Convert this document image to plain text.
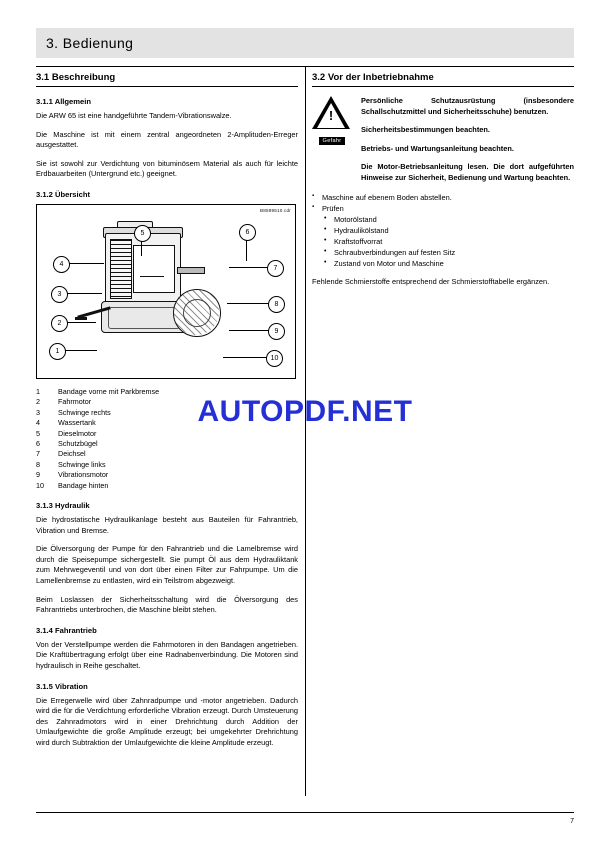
3. Bedienung
3.1 Beschreibung
3.1.1 Allgemein

Die ARW 65 ist eine handgeführte Tandem-Vibrationswalze.

Die Maschine ist mit einem zentral angeordneten 2-Amplituden-Erreger ausgestattet.

Sie ist sowohl zur Verdichtung von bituminösem Material als auch für leichte Erdbauarbeiten (Untergrund etc.) geeignet.

3.1.2 Übersicht
B8599510.cdr
1
2
3
4
5	6
7
8
9
10
1	Bandage vorne mit Parkbremse
2	Fahrmotor
3	Schwinge rechts
4	Wassertank
5	Dieselmotor
6	Schutzbügel
7	Deichsel
8	Schwinge links
9	Vibrationsmotor
10	Bandage hinten
3.1.3 Hydraulik

Die hydrostatische Hydraulikanlage besteht aus Bauteilen für Fahrantrieb, Vibration und Bremse.

Die Ölversorgung der Pumpe für den Fahrantrieb und die Lamelbremse wird durch die Speisepumpe sichergestellt. Sie pumpt Öl aus dem Hydrauliktank zum Mehrwegeventil und von dort über einen Filter zur Fahrpumpe. Um die Lamellenbremse zu entlasten, wird ein Teilstrom abgezweigt.

Beim Loslassen der Sicherheitsschaltung wird die Ölversorgung des Fahrantriebs unterbrochen, die Maschine bleibt stehen.

3.1.4 Fahrantrieb

Von der Verstellpumpe werden die Fahrmotoren in den Bandagen angetrieben. Die Kraftübertragung erfolgt über eine Radnabenverbindung. Die Motoren sind hydraulisch in Reihe geschaltet.

3.1.5 Vibration

Die Erregerwelle wird über Zahnradpumpe und -motor angetrieben. Dadurch wird die für die Verdichtung erforderliche Vibration erzeugt. Durch Umsteuerung des Zahnradmotors wird in einer Drehrichtung durch Addition der Umlaufgewichte die große Amplitude erzeugt; bei umgekehrter Drehrichtung wird durch Subtraktion der Umlaufgewichte die kleine Amplitude erzeugt.

3.2 Vor der Inbetriebnahme
!
Gefahr

Persönliche Schutzausrüstung (insbesondere Schallschutzmittel und Sicherheitsschuhe) benutzen.

Sicherheitsbestimmungen beachten.

Betriebs- und Wartungsanleitung beachten.

Die Motor-Betriebsanleitung lesen. Die dort aufgeführten Hinweise zur Sicherheit, Bedienung und Wartung beachten.

▪ Maschine auf ebenem Boden abstellen.
▪ Prüfen
• Motorölstand
• Hydraulikölstand
• Kraftstoffvorrat
• Schraubverbindungen auf festen Sitz
• Zustand von Motor und Maschine

Fehlende Schmierstoffe entsprechend der Schmierstofftabelle ergänzen.

AUTOPDF.NET
7
